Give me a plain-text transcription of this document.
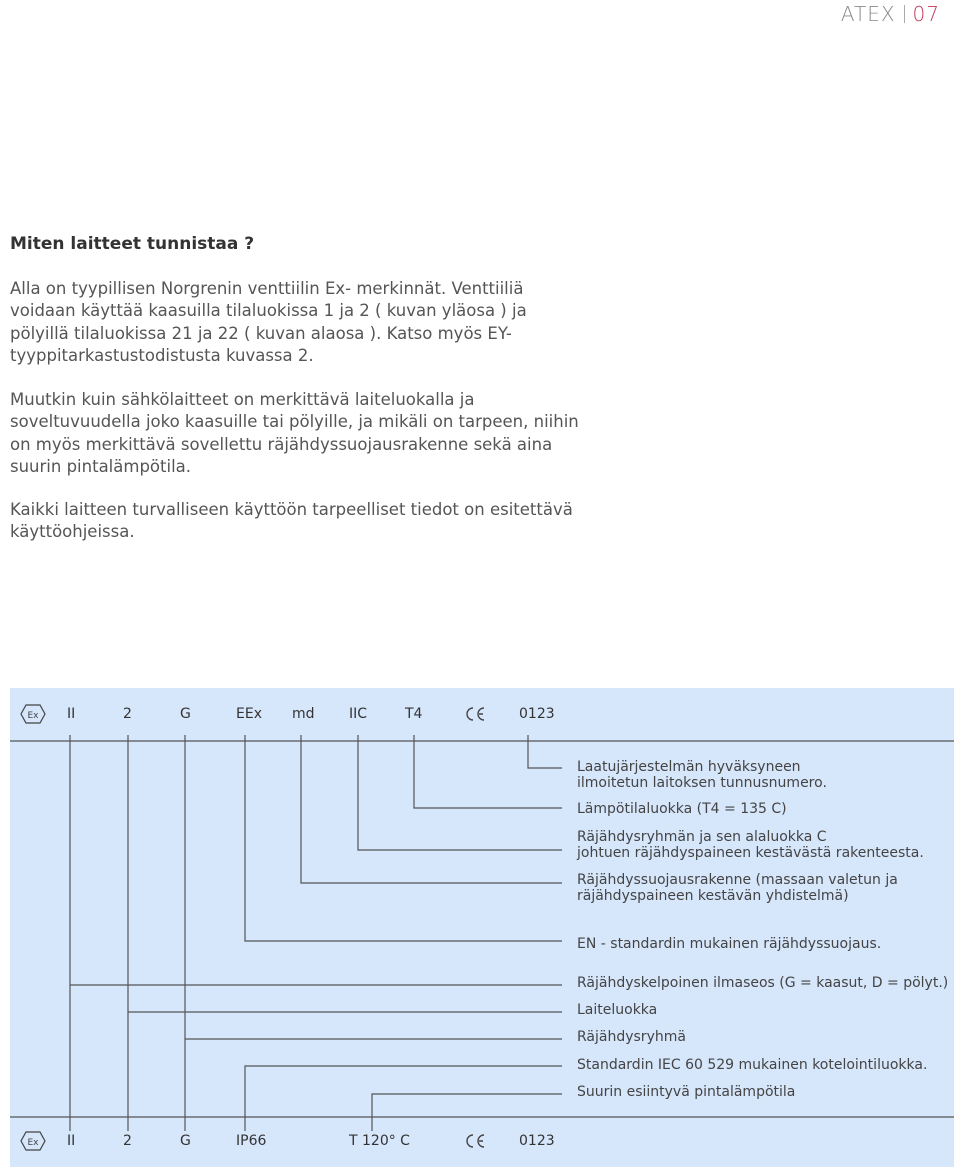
ATEX 07
Miten laitteet tunnistaa ?

Alla on tyypillisen Norgrenin venttiilin Ex- merkinnät. Venttiiliä voidaan käyttää kaasuilla tilaluokissa 1 ja 2 ( kuvan yläosa ) ja pölyillä tilaluokissa 21 ja 22 ( kuvan alaosa ). Katso myös EY-tyyppitarkastustodistusta kuvassa 2.

Muutkin kuin sähkölaitteet on merkittävä laiteluokalla ja soveltuvuudella joko kaasuille tai pölyille, ja mikäli on tarpeen, niihin on myös merkittävä sovellettu räjähdyssuojausrakenne sekä aina suurin pintalämpötila.

Kaikki laitteen turvalliseen käyttöön tarpeelliset tiedot on esitettävä käyttöohjeissa.

Ex II	2	G	EEx md IIC	T4	0123
Laatujärjestelmän hyväksyneen
ilmoitetun laitoksen tunnusnumero.
Lämpötilaluokka (T4 = 135 C)
Räjähdysryhmän ja sen alaluokka C
johtuen räjähdyspaineen kestävästä rakenteesta.
Räjähdyssuojausrakenne (massaan valetun ja
räjähdyspaineen kestävän yhdistelmä)
EN - standardin mukainen räjähdyssuojaus.
Räjähdyskelpoinen ilmaseos (G = kaasut, D = pölyt.)
Laiteluokka
Räjähdysryhmä
Standardin IEC 60 529 mukainen kotelointiluokka.
Suurin esiintyvä pintalämpötila
Ex II	2	G	IP66	T 120° C	0123
